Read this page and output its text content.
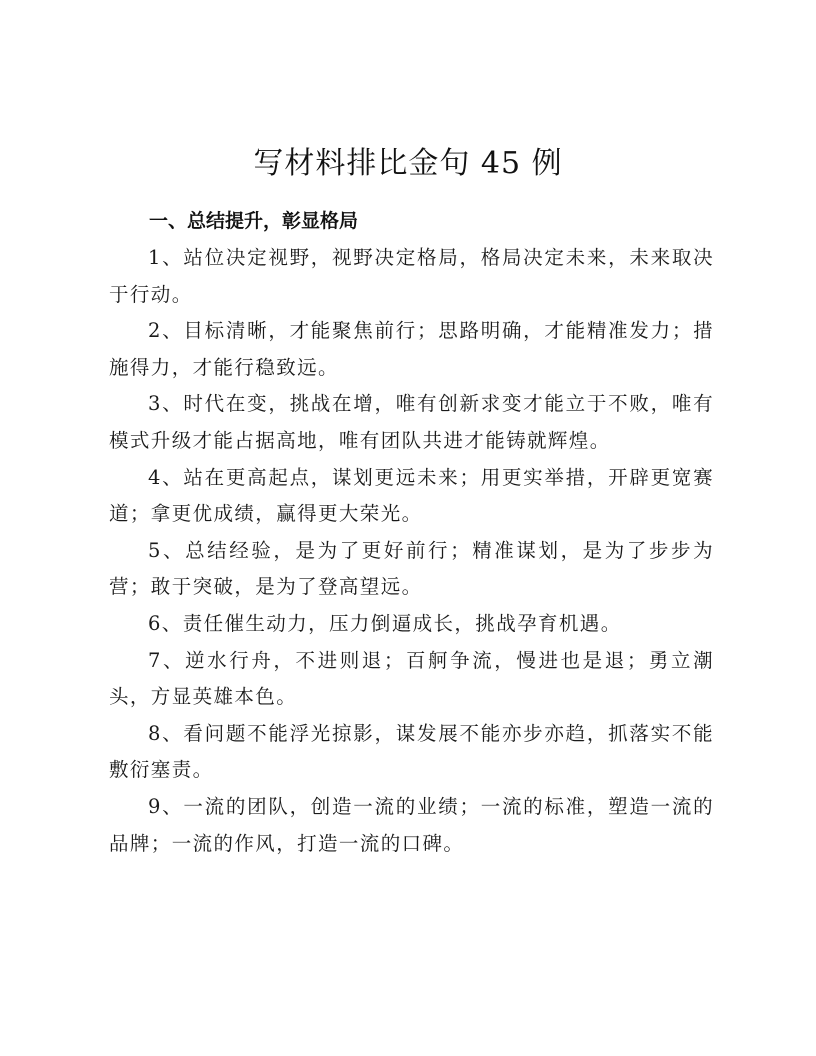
写材料排比金句 45 例
一、总结提升，彰显格局

1、站位决定视野，视野决定格局，格局决定未来，未来取决于行动。

2、目标清晰，才能聚焦前行；思路明确，才能精准发力；措施得力，才能行稳致远。

3、时代在变，挑战在增，唯有创新求变才能立于不败，唯有模式升级才能占据高地，唯有团队共进才能铸就辉煌。

4、站在更高起点，谋划更远未来；用更实举措，开辟更宽赛道；拿更优成绩，赢得更大荣光。

5、总结经验，是为了更好前行；精准谋划，是为了步步为营；敢于突破，是为了登高望远。

6、责任催生动力，压力倒逼成长，挑战孕育机遇。

7、逆水行舟，不进则退；百舸争流，慢进也是退；勇立潮头，方显英雄本色。

8、看问题不能浮光掠影，谋发展不能亦步亦趋，抓落实不能敷衍塞责。

9、一流的团队，创造一流的业绩；一流的标准，塑造一流的品牌；一流的作风，打造一流的口碑。
